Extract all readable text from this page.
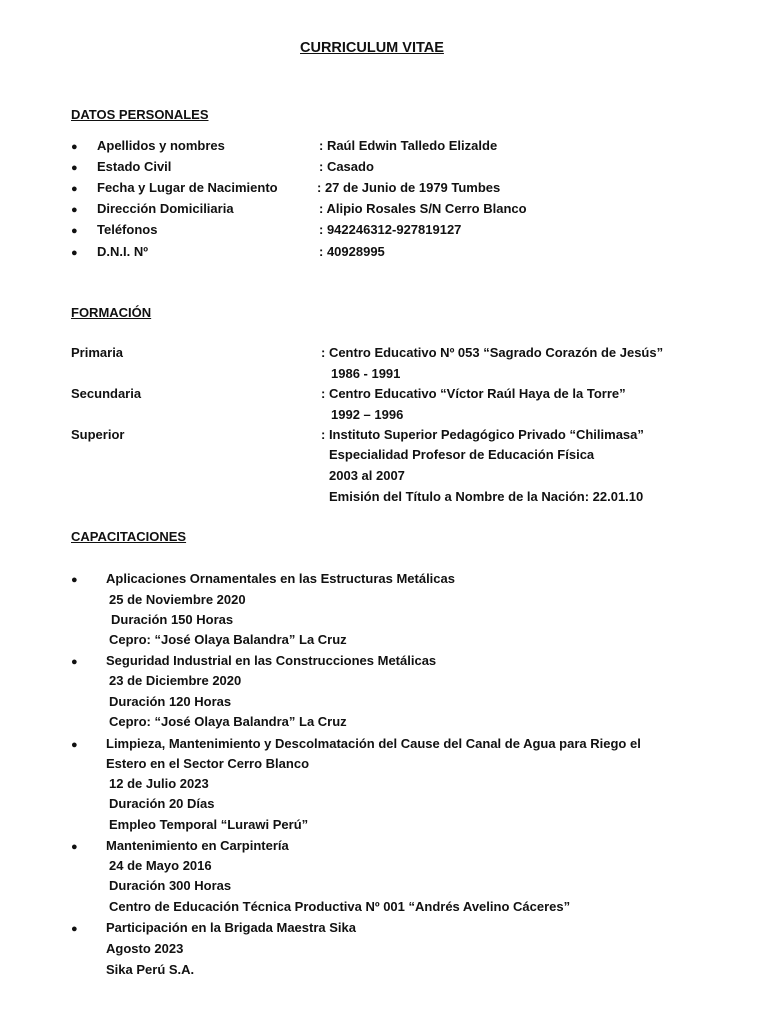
CURRICULUM VITAE
DATOS PERSONALES
● Apellidos y nombres	: Raúl Edwin Talledo Elizalde
● Estado Civil	: Casado
● Fecha y Lugar de Nacimiento	: 27 de Junio de 1979 Tumbes
● Dirección Domiciliaria	: Alipio Rosales S/N Cerro Blanco
● Teléfonos	: 942246312-927819127
● D.N.I. Nº	: 40928995
FORMACIÓN
Primaria	: Centro Educativo Nº 053 “Sagrado Corazón de Jesús”
1986 - 1991
Secundaria	: Centro Educativo “Víctor Raúl Haya de la Torre”
1992 – 1996
Superior	: Instituto Superior Pedagógico Privado “Chilimasa”
Especialidad Profesor de Educación Física
2003 al 2007
Emisión del Título a Nombre de la Nación: 22.01.10
CAPACITACIONES
● Aplicaciones Ornamentales en las Estructuras Metálicas
25 de Noviembre 2020
Duración 150 Horas
Cepro: “José Olaya Balandra” La Cruz
● Seguridad Industrial en las Construcciones Metálicas
23 de Diciembre 2020
Duración 120 Horas
Cepro: “José Olaya Balandra” La Cruz
● Limpieza, Mantenimiento y Descolmatación del Cause del Canal de Agua para Riego el
Estero en el Sector Cerro Blanco
12 de Julio 2023
Duración 20 Días
Empleo Temporal “Lurawi Perú”
● Mantenimiento en Carpintería
24 de Mayo 2016
Duración 300 Horas
Centro de Educación Técnica Productiva Nº 001 “Andrés Avelino Cáceres”
● Participación en la Brigada Maestra Sika
Agosto 2023
Sika Perú S.A.
